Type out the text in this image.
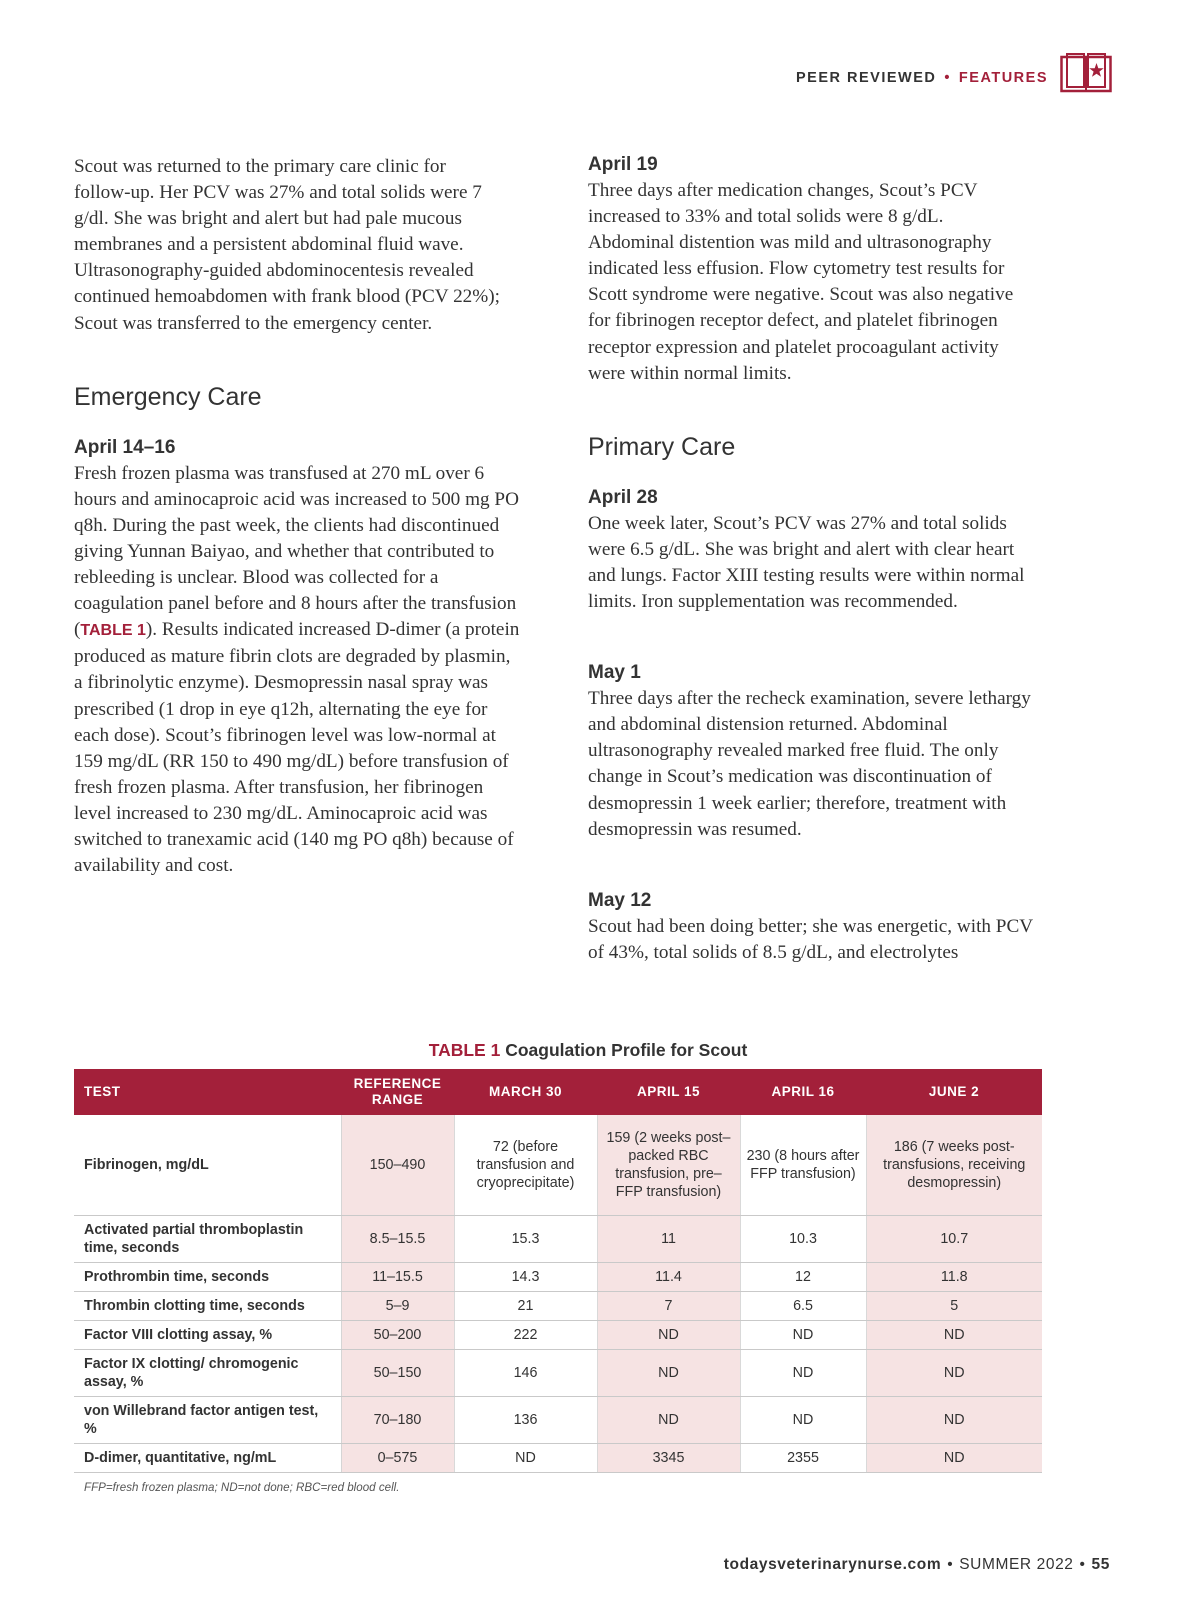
PEER REVIEWED • FEATURES

Scout was returned to the primary care clinic for follow-up. Her PCV was 27% and total solids were 7 g/dl. She was bright and alert but had pale mucous membranes and a persistent abdominal fluid wave. Ultrasonography-guided abdominocentesis revealed continued hemoabdomen with frank blood (PCV 22%); Scout was transferred to the emergency center.

Emergency Care
April 14–16

Fresh frozen plasma was transfused at 270 mL over 6 hours and aminocaproic acid was increased to 500 mg PO q8h. During the past week, the clients had discontinued giving Yunnan Baiyao, and whether that contributed to rebleeding is unclear. Blood was collected for a coagulation panel before and 8 hours after the transfusion (TABLE 1). Results indicated increased D-dimer (a protein produced as mature fibrin clots are degraded by plasmin, a fibrinolytic enzyme). Desmopressin nasal spray was prescribed (1 drop in eye q12h, alternating the eye for each dose). Scout’s fibrinogen level was low-normal at 159 mg/dL (RR 150 to 490 mg/dL) before transfusion of fresh frozen plasma. After transfusion, her fibrinogen level increased to 230 mg/dL. Aminocaproic acid was switched to tranexamic acid (140 mg PO q8h) because of availability and cost.

April 19

Three days after medication changes, Scout’s PCV increased to 33% and total solids were 8 g/dL. Abdominal distention was mild and ultrasonography indicated less effusion. Flow cytometry test results for Scott syndrome were negative. Scout was also negative for fibrinogen receptor defect, and platelet fibrinogen receptor expression and platelet procoagulant activity were within normal limits.

Primary Care
April 28

One week later, Scout’s PCV was 27% and total solids were 6.5 g/dL. She was bright and alert with clear heart and lungs. Factor XIII testing results were within normal limits. Iron supplementation was recommended.

May 1

Three days after the recheck examination, severe lethargy and abdominal distension returned. Abdominal ultrasonography revealed marked free fluid. The only change in Scout’s medication was discontinuation of desmopressin 1 week earlier; therefore, treatment with desmopressin was resumed.

May 12

Scout had been doing better; she was energetic, with PCV of 43%, total solids of 8.5 g/dL, and electrolytes

TABLE 1 Coagulation Profile for Scout
TEST	REFERENCE RANGE	MARCH 30	APRIL 15	APRIL 16	JUNE 2
Fibrinogen, mg/dL	150–490	72 (before transfusion and cryoprecipitate)	159 (2 weeks post–packed RBC transfusion, pre–FFP transfusion)	230 (8 hours after FFP transfusion)	186 (7 weeks post-transfusions, receiving desmopressin)
Activated partial thromboplastin time, seconds	8.5–15.5	15.3	11	10.3	10.7
Prothrombin time, seconds	11–15.5	14.3	11.4	12	11.8
Thrombin clotting time, seconds	5–9	21	7	6.5	5
Factor VIII clotting assay, %	50–200	222	ND	ND	ND
Factor IX clotting/ chromogenic assay, %	50–150	146	ND	ND	ND
von Willebrand factor antigen test, %	70–180	136	ND	ND	ND
D-dimer, quantitative, ng/mL	0–575	ND	3345	2355	ND
FFP=fresh frozen plasma; ND=not done; RBC=red blood cell.
todaysveterinarynurse.com • SUMMER 2022 • 55
